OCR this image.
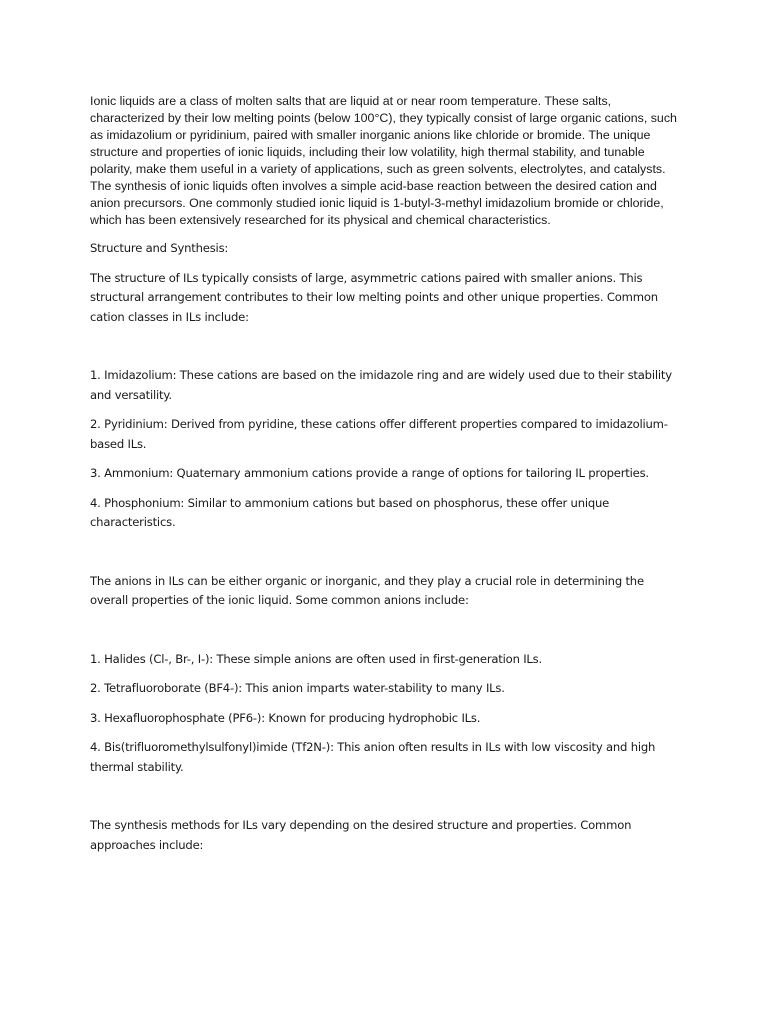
Ionic liquids are a class of molten salts that are liquid at or near room temperature. These salts, characterized by their low melting points (below 100°C), they typically consist of large organic cations, such as imidazolium or pyridinium, paired with smaller inorganic anions like chloride or bromide. The unique structure and properties of ionic liquids, including their low volatility, high thermal stability, and tunable polarity, make them useful in a variety of applications, such as green solvents, electrolytes, and catalysts. The synthesis of ionic liquids often involves a simple acid-base reaction between the desired cation and anion precursors. One commonly studied ionic liquid is 1-butyl-3-methyl imidazolium bromide or chloride, which has been extensively researched for its physical and chemical characteristics.

Structure and Synthesis:

The structure of ILs typically consists of large, asymmetric cations paired with smaller anions. This structural arrangement contributes to their low melting points and other unique properties. Common cation classes in ILs include:

1. Imidazolium: These cations are based on the imidazole ring and are widely used due to their stability and versatility.
2. Pyridinium: Derived from pyridine, these cations offer different properties compared to imidazolium-based ILs.
3. Ammonium: Quaternary ammonium cations provide a range of options for tailoring IL properties.
4. Phosphonium: Similar to ammonium cations but based on phosphorus, these offer unique characteristics.

The anions in ILs can be either organic or inorganic, and they play a crucial role in determining the overall properties of the ionic liquid. Some common anions include:

1. Halides (Cl-, Br-, I-): These simple anions are often used in first-generation ILs.
2. Tetrafluoroborate (BF4-): This anion imparts water-stability to many ILs.
3. Hexafluorophosphate (PF6-): Known for producing hydrophobic ILs.
4. Bis(trifluoromethylsulfonyl)imide (Tf2N-): This anion often results in ILs with low viscosity and high thermal stability.

The synthesis methods for ILs vary depending on the desired structure and properties. Common approaches include:
